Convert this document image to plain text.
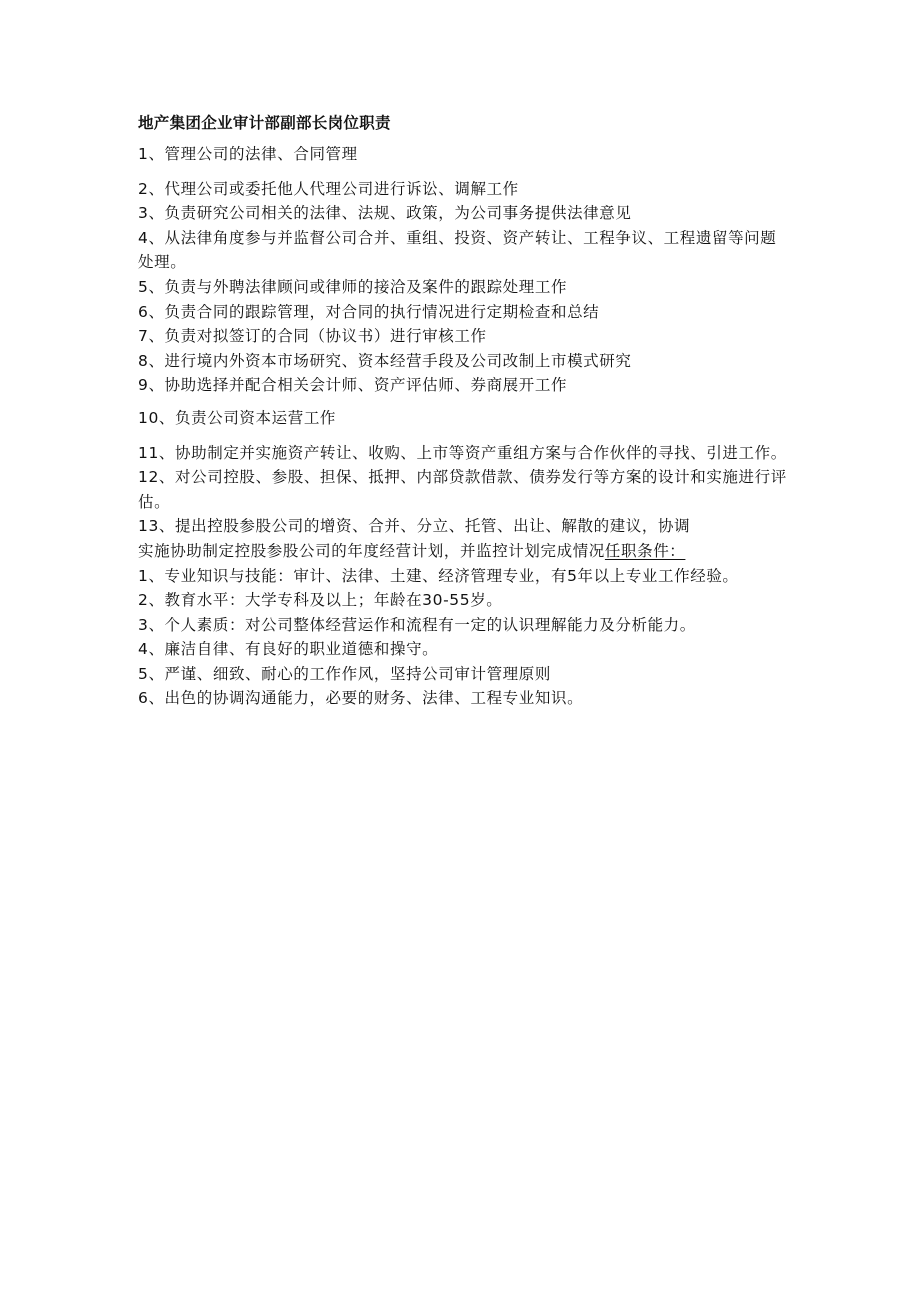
地产集团企业审计部副部长岗位职责

1、管理公司的法律、合同管理

2、代理公司或委托他人代理公司进行诉讼、调解工作

3、负责研究公司相关的法律、法规、政策，为公司事务提供法律意见

4、从法律角度参与并监督公司合并、重组、投资、资产转让、工程争议、工程遗留等问题处理。

5、负责与外聘法律顾问或律师的接洽及案件的跟踪处理工作

6、负责合同的跟踪管理，对合同的执行情况进行定期检查和总结

7、负责对拟签订的合同（协议书）进行审核工作

8、进行境内外资本市场研究、资本经营手段及公司改制上市模式研究

9、协助选择并配合相关会计师、资产评估师、券商展开工作

10、负责公司资本运营工作

11、协助制定并实施资产转让、收购、上市等资产重组方案与合作伙伴的寻找、引进工作。

12、对公司控股、参股、担保、抵押、内部贷款借款、债券发行等方案的设计和实施进行评估。

13、提出控股参股公司的增资、合并、分立、托管、出让、解散的建议，协调

实施协助制定控股参股公司的年度经营计划，并监控计划完成情况任职条件：

1、专业知识与技能：审计、法律、土建、经济管理专业，有5年以上专业工作经验。

2、教育水平：大学专科及以上；年龄在30-55岁。

3、个人素质：对公司整体经营运作和流程有一定的认识理解能力及分析能力。

4、廉洁自律、有良好的职业道德和操守。

5、严谨、细致、耐心的工作作风，坚持公司审计管理原则

6、出色的协调沟通能力，必要的财务、法律、工程专业知识。
